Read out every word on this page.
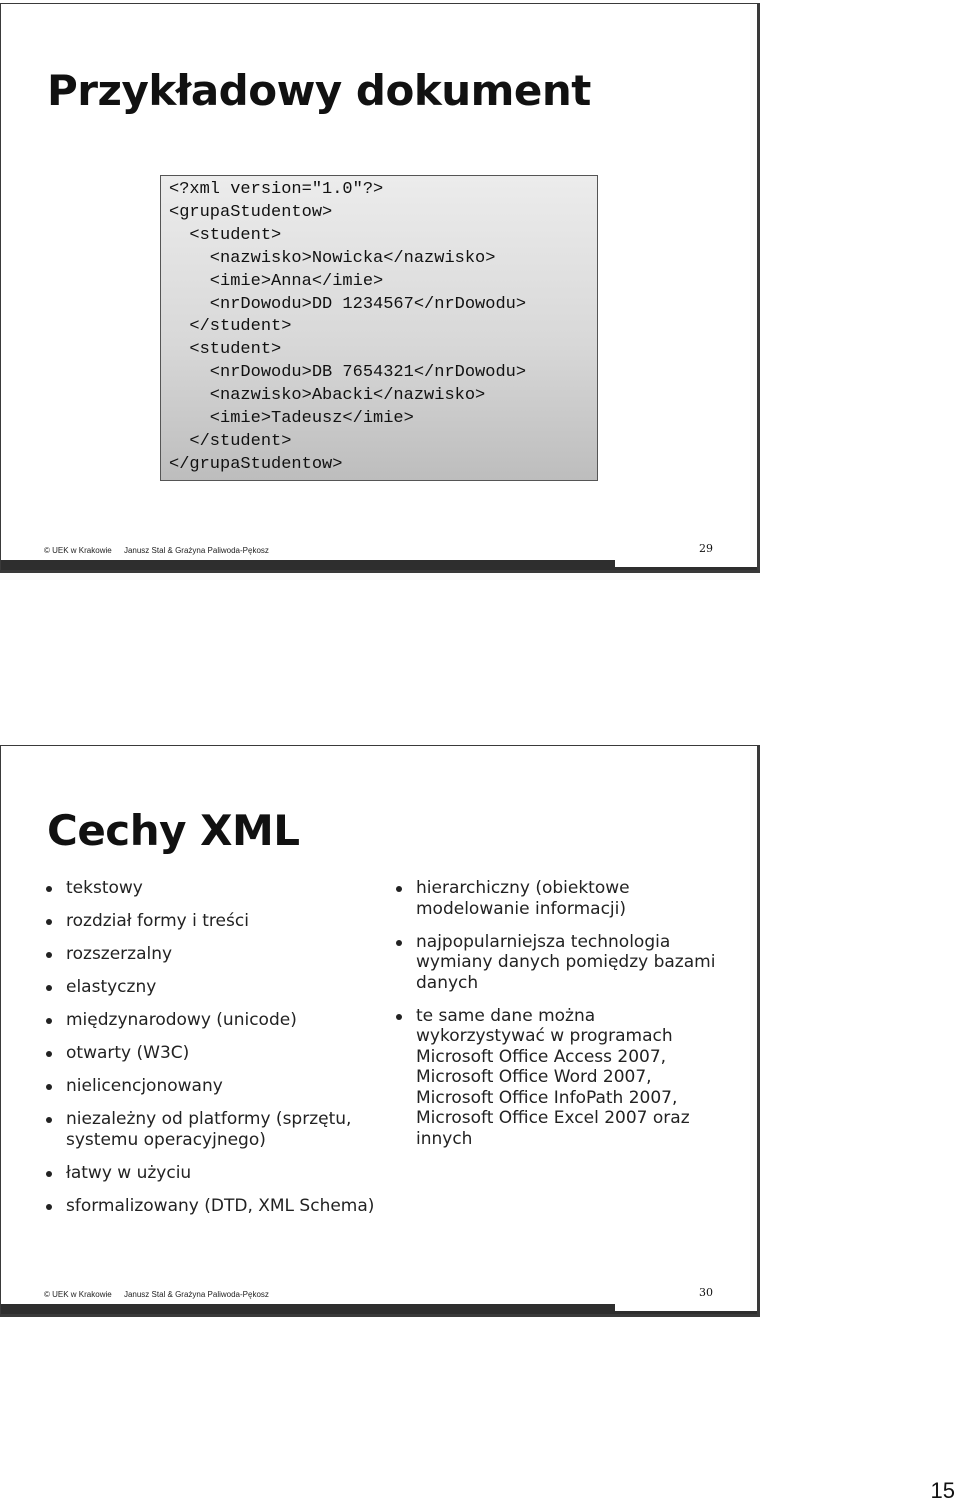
Przykładowy dokument
<?xml version="1.0"?>
<grupaStudentow>
<student>
<nazwisko>Nowicka</nazwisko>
<imie>Anna</imie>
<nrDowodu>DD 1234567</nrDowodu>
</student>
<student>
<nrDowodu>DB 7654321</nrDowodu>
<nazwisko>Abacki</nazwisko>
<imie>Tadeusz</imie>
</student>
</grupaStudentow>
© UEK w Krakowie Janusz Stal & Grażyna Paliwoda-Pękosz	29
Cechy XML
tekstowy
rozdział formy i treści
rozszerzalny
elastyczny
międzynarodowy (unicode)
otwarty (W3C)
nielicencjonowany
niezależny od platformy (sprzętu, systemu operacyjnego)
łatwy w użyciu
sformalizowany (DTD, XML Schema)
hierarchiczny (obiektowe modelowanie informacji)
najpopularniejsza technologia wymiany danych pomiędzy bazami danych
te same dane można wykorzystywać w programach Microsoft Office Access 2007, Microsoft Office Word 2007, Microsoft Office InfoPath 2007, Microsoft Office Excel 2007 oraz innych
© UEK w Krakowie Janusz Stal & Grażyna Paliwoda-Pękosz	30
15
